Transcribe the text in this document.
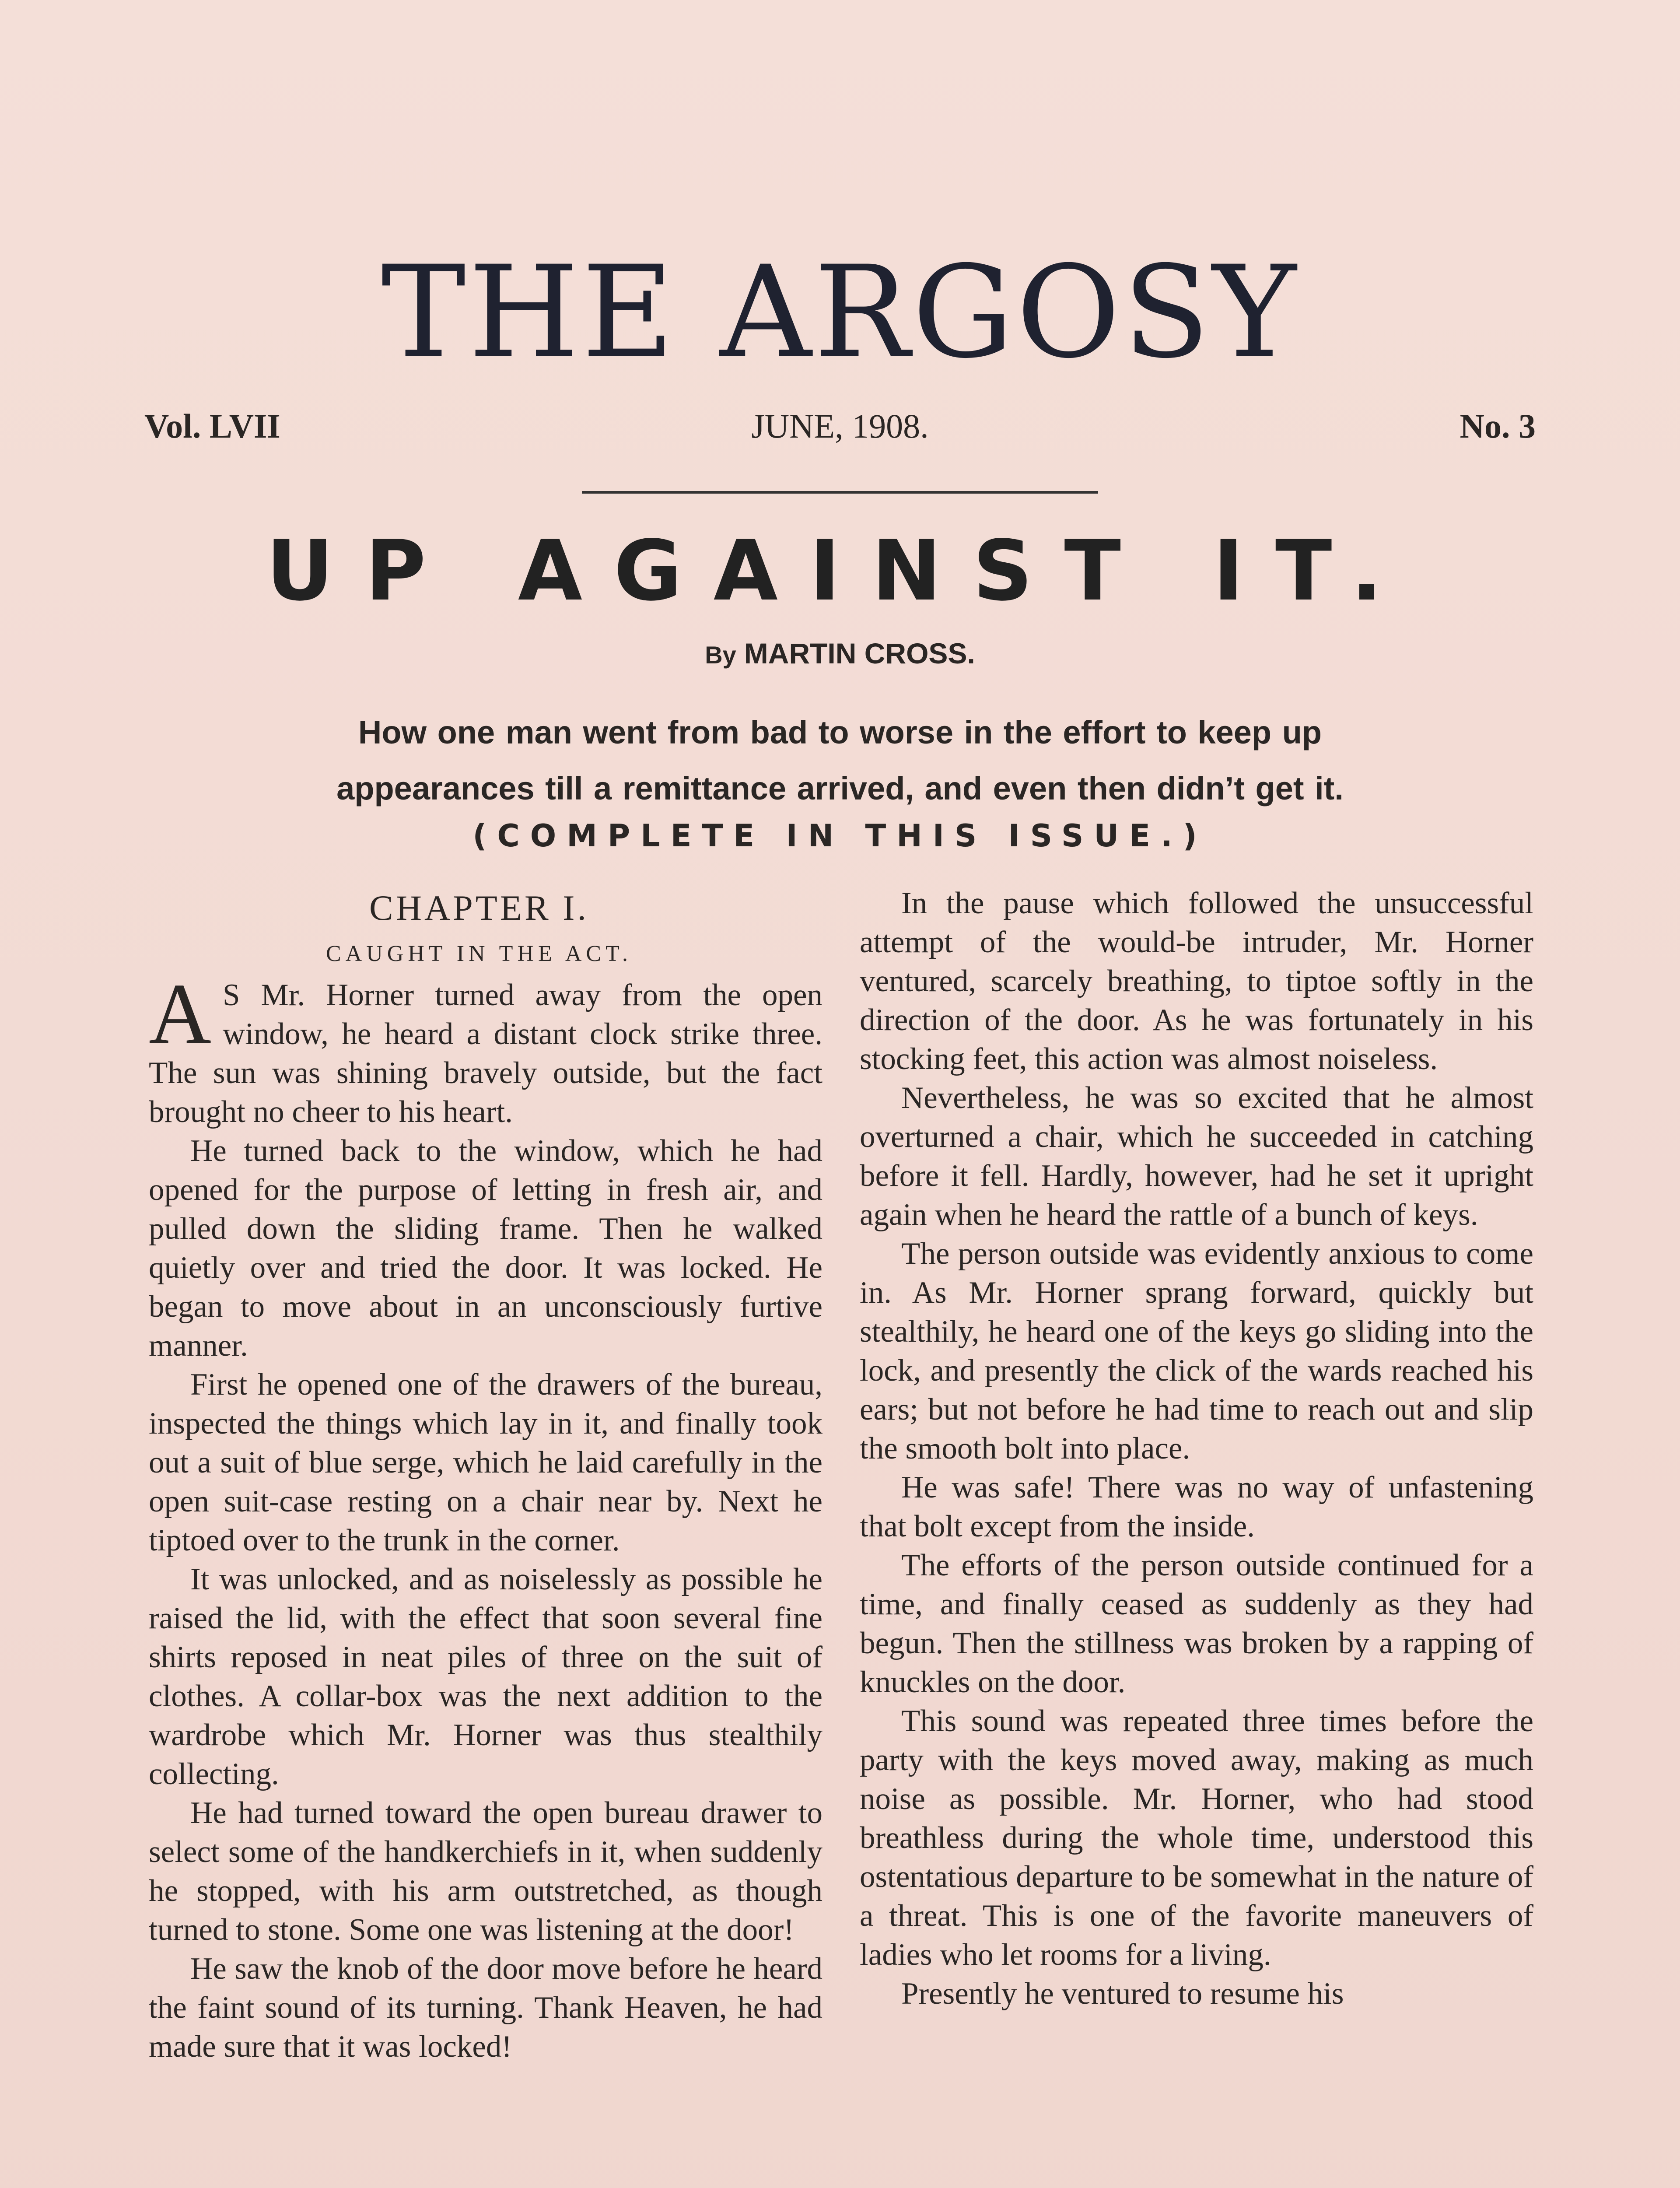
THE ARGOSY
Vol. LVII	JUNE, 1908.	No. 3
UP AGAINST IT.
By MARTIN CROSS.
How one man went from bad to worse in the effort to keep up appearances till a remittance arrived, and even then didn’t get it.
(COMPLETE IN THIS ISSUE.)
CHAPTER I.
CAUGHT IN THE ACT.

A S Mr. Horner turned away from the open window, he heard a distant clock strike three. The sun was shining bravely outside, but the fact brought no cheer to his heart.

He turned back to the window, which he had opened for the purpose of letting in fresh air, and pulled down the sliding frame. Then he walked quietly over and tried the door. It was locked. He began to move about in an unconsciously furtive manner.

First he opened one of the drawers of the bureau, inspected the things which lay in it, and finally took out a suit of blue serge, which he laid carefully in the open suit-case resting on a chair near by. Next he tiptoed over to the trunk in the corner.

It was unlocked, and as noiselessly as possible he raised the lid, with the effect that soon several fine shirts reposed in neat piles of three on the suit of clothes. A collar-box was the next addition to the wardrobe which Mr. Horner was thus stealthily collecting.

He had turned toward the open bureau drawer to select some of the handkerchiefs in it, when suddenly he stopped, with his arm outstretched, as though turned to stone. Some one was listening at the door!

He saw the knob of the door move before he heard the faint sound of its turning. Thank Heaven, he had made sure that it was locked!

In the pause which followed the unsuccessful attempt of the would-be intruder, Mr. Horner ventured, scarcely breathing, to tiptoe softly in the direction of the door. As he was fortunately in his stocking feet, this action was almost noiseless.

Nevertheless, he was so excited that he almost overturned a chair, which he succeeded in catching before it fell. Hardly, however, had he set it upright again when he heard the rattle of a bunch of keys.

The person outside was evidently anxious to come in. As Mr. Horner sprang forward, quickly but stealthily, he heard one of the keys go sliding into the lock, and presently the click of the wards reached his ears; but not before he had time to reach out and slip the smooth bolt into place.

He was safe! There was no way of unfastening that bolt except from the inside.

The efforts of the person outside continued for a time, and finally ceased as suddenly as they had begun. Then the stillness was broken by a rapping of knuckles on the door.

This sound was repeated three times before the party with the keys moved away, making as much noise as possible. Mr. Horner, who had stood breathless during the whole time, understood this ostentatious departure to be somewhat in the nature of a threat. This is one of the favorite maneuvers of ladies who let rooms for a living.

Presently he ventured to resume his
